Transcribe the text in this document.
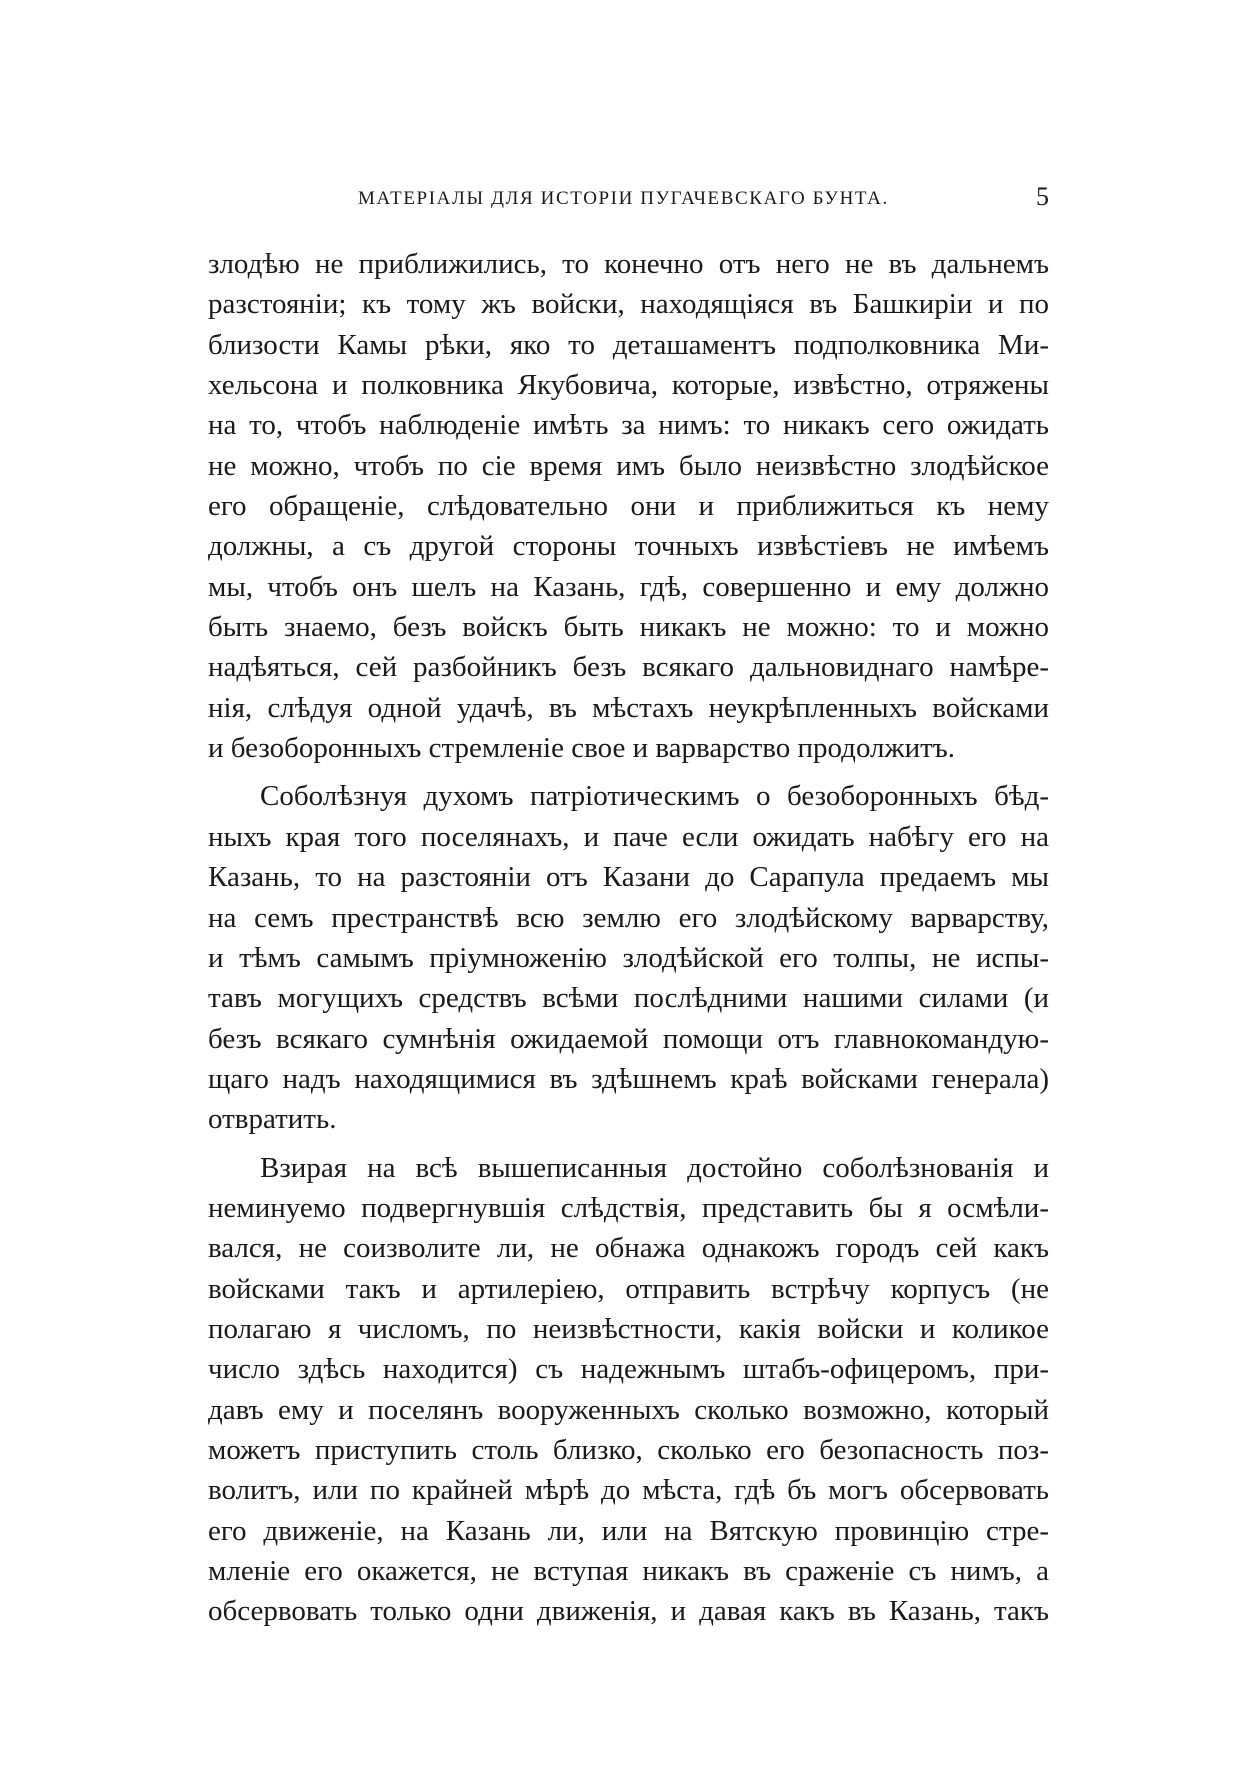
МАТЕРІАЛЫ ДЛЯ ИСТОРІИ ПУГАЧЕВСКАГО БУНТА.	5
злодѣю не приближились, то конечно отъ него не въ дальнемъ
разстояніи; къ тому жъ войски, находящіяся въ Башкиріи и по
близости Камы рѣки, яко то деташаментъ подполковника Ми-
хельсона и полковника Якубовича, которые, извѣстно, отряжены
на то, чтобъ наблюденіе имѣть за нимъ: то никакъ сего ожидать
не можно, чтобъ по сіе время имъ было неизвѣстно злодѣйское
его обращеніе, слѣдовательно они и приближиться къ нему
должны, а съ другой стороны точныхъ извѣстіевъ не имѣемъ
мы, чтобъ онъ шелъ на Казань, гдѣ, совершенно и ему должно
быть знаемо, безъ войскъ быть никакъ не можно: то и можно
надѣяться, сей разбойникъ безъ всякаго дальновиднаго намѣре-
нія, слѣдуя одной удачѣ, въ мѣстахъ неукрѣпленныхъ войсками
и безоборонныхъ стремленіе свое и варварство продолжитъ.
Соболѣзнуя духомъ патріотическимъ о безоборонныхъ бѣд-
ныхъ края того поселянахъ, и паче если ожидать набѣгу его на
Казань, то на разстояніи отъ Казани до Сарапула предаемъ мы
на семъ престранствѣ всю землю его злодѣйскому варварству,
и тѣмъ самымъ пріумноженію злодѣйской его толпы, не испы-
тавъ могущихъ средствъ всѣми послѣдними нашими силами (и
безъ всякаго сумнѣнія ожидаемой помощи отъ главнокомандую-
щаго надъ находящимися въ здѣшнемъ краѣ войсками генерала)
отвратить.
Взирая на всѣ вышеписанныя достойно соболѣзнованія и
неминуемо подвергнувшія слѣдствія, представить бы я осмѣли-
вался, не соизволите ли, не обнажа однакожъ городъ сей какъ
войсками такъ и артилеріею, отправить встрѣчу корпусъ (не
полагаю я числомъ, по неизвѣстности, какія войски и коликое
число здѣсь находится) съ надежнымъ штабъ-офицеромъ, при-
давъ ему и поселянъ вооруженныхъ сколько возможно, который
можетъ приступить столь близко, сколько его безопасность поз-
волитъ, или по крайней мѣрѣ до мѣста, гдѣ бъ могъ обсервовать
его движеніе, на Казань ли, или на Вятскую провинцію стре-
мленіе его окажется, не вступая никакъ въ сраженіе съ нимъ, а
обсервовать только одни движенія, и давая какъ въ Казань, такъ
